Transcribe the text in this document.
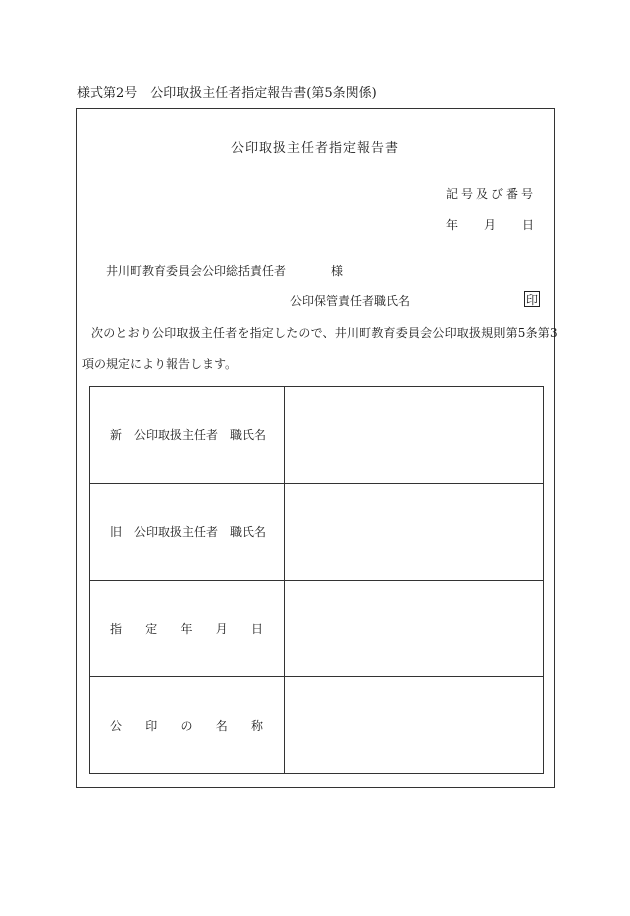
様式第2号　公印取扱主任者指定報告書(第5条関係)
公印取扱主任者指定報告書
記号及び番号
年 月 日
井川町教育委員会公印総括責任者	様
公印保管責任者職氏名	印
次のとおり公印取扱主任者を指定したので、井川町教育委員会公印取扱規則第5条第3
項の規定により報告します。
新　公印取扱主任者　職氏名	

旧　公印取扱主任者　職氏名	

指 定 年 月 日	

公 印 の 名 称	
